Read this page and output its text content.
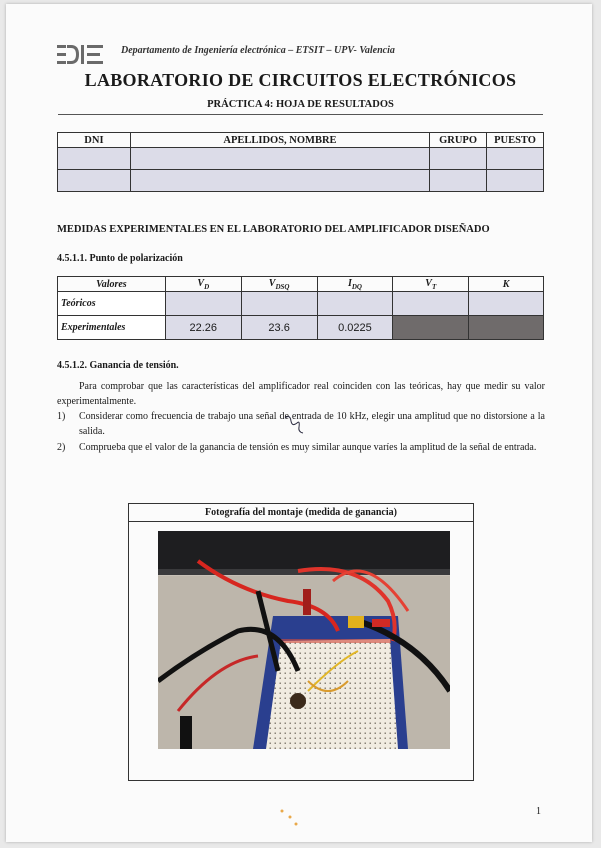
Departamento de Ingeniería electrónica – ETSIT – UPV- Valencia
LABORATORIO DE CIRCUITOS ELECTRÓNICOS
PRÁCTICA 4: HOJA DE RESULTADOS
DNI	APELLIDOS, NOMBRE	GRUPO	PUESTO

MEDIDAS EXPERIMENTALES EN EL LABORATORIO DEL AMPLIFICADOR DISEÑADO
4.5.1.1. Punto de polarización
Valores	$V_D$	$V_{DSQ}$	$I_{DQ}$	$V_T$	K
Teóricos					
Experimentales	22.26	23.6	0.0225		
4.5.1.2. Ganancia de tensión.
Para comprobar que las características del amplificador real coinciden con las teóricas, hay que medir su valor experimentalmente.
1) Considerar como frecuencia de trabajo una señal de entrada de 10 kHz, elegir una amplitud que no distorsione a la salida.
2) Comprueba que el valor de la ganancia de tensión es muy similar aunque varíes la amplitud de la señal de entrada.
Fotografía del montaje (medida de ganancia)
1
